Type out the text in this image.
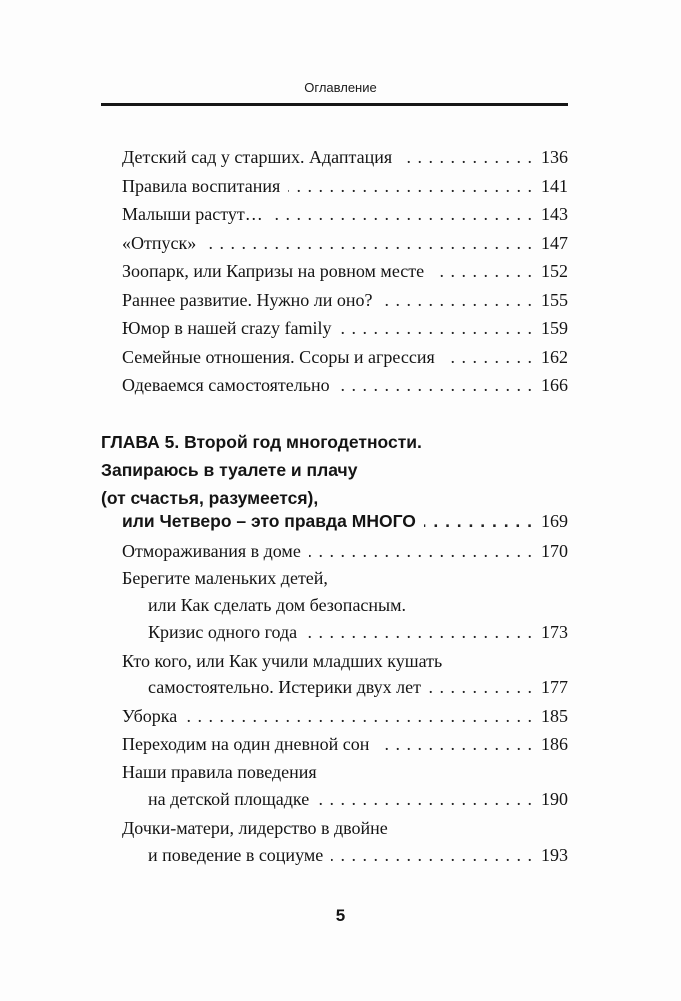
Оглавление
Детский сад у старших. Адаптация . . .	136
Правила воспитания . . .	141
Малыши растут… . . .	143
«Отпуск» . . .	147
Зоопарк, или Капризы на ровном месте . . .	152
Раннее развитие. Нужно ли оно? . . .	155
Юмор в нашей crazy family . . .	159
Семейные отношения. Ссоры и агрессия . . .	162
Одеваемся самостоятельно . . .	166
ГЛАВА 5. Второй год многодетности.
Запираюсь в туалете и плачу
(от счастья, разумеется),
или Четверо – это правда МНОГО . . .	169
Отмораживания в доме . . .	170
Берегите маленьких детей,
или Как сделать дом безопасным.
Кризис одного года . . .	173
Кто кого, или Как учили младших кушать
самостоятельно. Истерики двух лет . . .	177
Уборка . . .	185
Переходим на один дневной сон . . .	186
Наши правила поведения
на детской площадке . . .	190
Дочки-матери, лидерство в двойне
и поведение в социуме . . .	193
5
